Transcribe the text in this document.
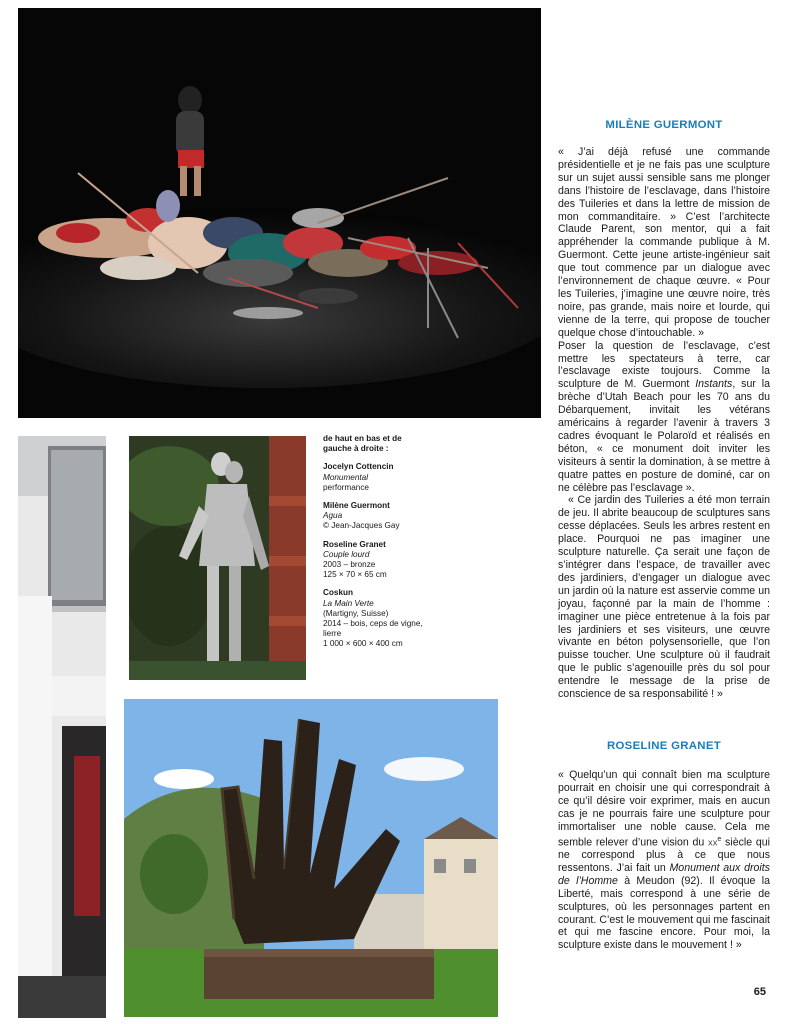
de haut en bas et de gauche à droite :
Jocelyn Cottencin
Monumental
performance
Milène Guermont
Agua
© Jean-Jacques Gay
Roseline Granet
Couple lourd
2003 – bronze
125 × 70 × 65 cm
Coskun
La Main Verte
(Martigny, Suisse)
2014 – bois, ceps de vigne, lierre
1 000 × 600 × 400 cm
MILÈNE GUERMONT

« J’ai déjà refusé une commande présidentielle et je ne fais pas une sculpture sur un sujet aussi sensible sans me plonger dans l’histoire de l’esclavage, dans l’histoire des Tuileries et dans la lettre de mission de mon commanditaire. » C’est l’architecte Claude Parent, son mentor, qui a fait appréhender la commande publique à M. Guermont. Cette jeune artiste-ingénieur sait que tout commence par un dialogue avec l’environnement de chaque œuvre. « Pour les Tuileries, j’imagine une œuvre noire, très noire, pas grande, mais noire et lourde, qui vienne de la terre, qui propose de toucher quelque chose d’intouchable. »

Poser la question de l’esclavage, c’est mettre les spectateurs à terre, car l’esclavage existe toujours. Comme la sculpture de M. Guermont Instants, sur la brèche d’Utah Beach pour les 70 ans du Débarquement, invitait les vétérans américains à regarder l’avenir à travers 3 cadres évoquant le Polaroïd et réalisés en béton, « ce monument doit inviter les visiteurs à sentir la domination, à se mettre à quatre pattes en posture de dominé, car on ne célèbre pas l’esclavage ».

« Ce jardin des Tuileries a été mon terrain de jeu. Il abrite beaucoup de sculptures sans cesse déplacées. Seuls les arbres restent en place. Pourquoi ne pas imaginer une sculpture naturelle. Ça serait une façon de s’intégrer dans l’espace, de travailler avec des jardiniers, d’engager un dialogue avec un jardin où la nature est asservie comme un joyau, façonné par la main de l’homme : imaginer une pièce entretenue à la fois par les jardiniers et ses visiteurs, une œuvre vivante en béton polysensorielle, que l’on puisse toucher. Une sculpture où il faudrait que le public s’agenouille près du sol pour entendre le message de la prise de conscience de sa responsabilité ! »

ROSELINE GRANET

« Quelqu’un qui connaît bien ma sculpture pourrait en choisir une qui correspondrait à ce qu’il désire voir exprimer, mais en aucun cas je ne pourrais faire une sculpture pour immortaliser une noble cause. Cela me semble relever d’une vision du $xx^e$ siècle qui ne correspond plus à ce que nous ressentons. J’ai fait un Monument aux droits de l’Homme à Meudon (92). Il évoque la Liberté, mais correspond à une série de sculptures, où les personnages partent en courant. C’est le mouvement qui me fascinait et qui me fascine encore. Pour moi, la sculpture existe dans le mouvement ! »

65
